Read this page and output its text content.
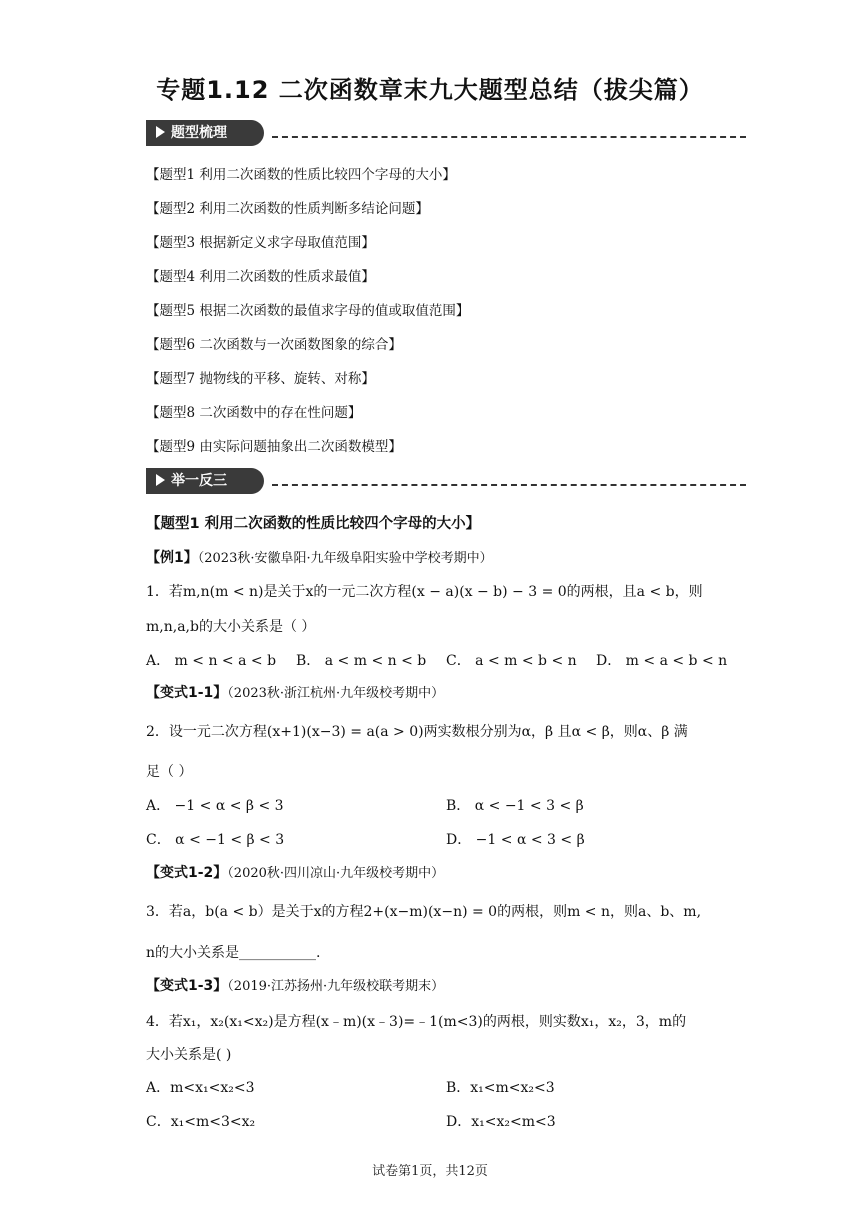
专题1.12 二次函数章末九大题型总结（拔尖篇）
题型梳理
【题型1 利用二次函数的性质比较四个字母的大小】
【题型2 利用二次函数的性质判断多结论问题】
【题型3 根据新定义求字母取值范围】
【题型4 利用二次函数的性质求最值】
【题型5 根据二次函数的最值求字母的值或取值范围】
【题型6 二次函数与一次函数图象的综合】
【题型7 抛物线的平移、旋转、对称】
【题型8 二次函数中的存在性问题】
【题型9 由实际问题抽象出二次函数模型】
举一反三
【题型1 利用二次函数的性质比较四个字母的大小】
【例1】（2023秋·安徽阜阳·九年级阜阳实验中学校考期中）
1．若m,n(m < n)是关于x的一元二次方程(x − a)(x − b) − 3 = 0的两根，且a < b，则
m,n,a,b的大小关系是（ ）
A． m < n < a < b B． a < m < n < b C． a < m < b < n D． m < a < b < n
【变式1-1】（2023秋·浙江杭州·九年级校考期中）
2．设一元二次方程(x+1)(x−3) = a(a > 0)两实数根分别为α，β 且α < β，则α、β 满
足（ ）
A． −1 < α < β < 3	B． α < −1 < 3 < β
C． α < −1 < β < 3	D． −1 < α < 3 < β
【变式1-2】（2020秋·四川凉山·九年级校考期中）
3．若a，b(a < b）是关于x的方程2+(x−m)(x−n) = 0的两根，则m < n，则a、b、m,
n的大小关系是___________.
【变式1-3】（2019·江苏扬州·九年级校联考期末）
4．若x₁，x₂(x₁<x₂)是方程(x﹣m)(x﹣3)=﹣1(m<3)的两根，则实数x₁，x₂，3，m的
大小关系是( )
A．m<x₁<x₂<3	B．x₁<m<x₂<3
C．x₁<m<3<x₂	D．x₁<x₂<m<3
试卷第1页，共12页
